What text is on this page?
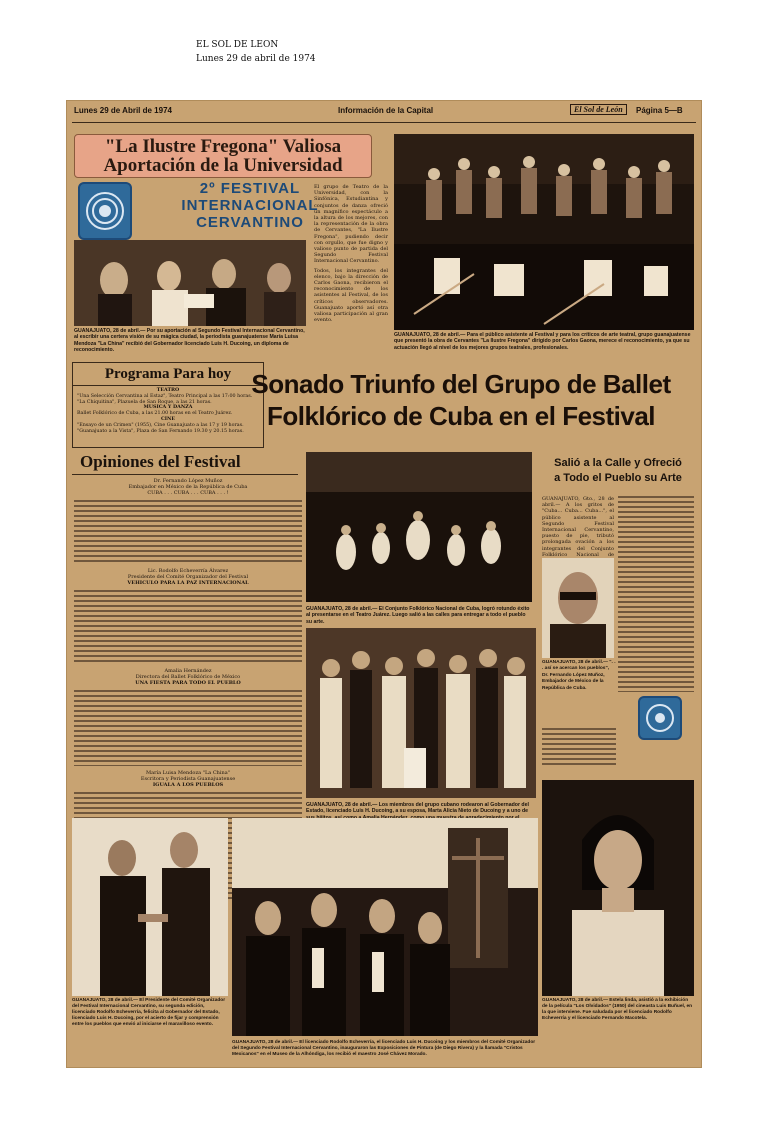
EL SOL DE LEON
Lunes 29 de abril de 1974
Lunes 29 de Abril de 1974	Información de la Capital	El Sol de León	Página 5—B
"La Ilustre Fregona" Valiosa
Aportación de la Universidad
2º FESTIVAL
INTERNACIONAL
CERVANTINO
El grupo de Teatro de la Universidad, con la Sinfónica, Estudiantina y conjuntos de danza ofreció un magnífico espectáculo a la altura de los mejores, con la representación de la obra de Cervantes, "La Ilustre Fregona", pudiendo decir con orgullo, que fue digno y valioso punto de partida del Segundo Festival Internacional Cervantino.
Todos, los integrantes del elenco, bajo la dirección de Carlos Gaona, recibieron el reconocimiento de los asistentes al Festival, de los críticos observadores. Guanajuato aportó así otra valiosa participación al gran evento.
GUANAJUATO, 28 de abril.— Por su aportación al Segundo Festival Internacional Cervantino, al escribir una certera visión de su mágica ciudad, la periodista guanajuatense María Luisa Mendoza "La China" recibió del Gobernador licenciado Luis H. Ducoing, un diploma de reconocimiento.
GUANAJUATO, 28 de abril.— Para el público asistente al Festival y para los críticos de arte teatral, grupo guanajuatense que presentó la obra de Cervantes "La Ilustre Fregona" dirigido por Carlos Gaona, merece el reconocimiento, ya que su actuación llegó al nivel de los mejores grupos teatrales, profesionales.
Programa Para hoy
TEATRO
"Una Selección Cervantina al Estaz", Teatro Principal a las 17:00 horas. "La Chiquitina", Plazuela de San Roque, a las 21 horas.
MUSICA Y DANZA
Ballet Folklórico de Cuba, a las 21.00 horas en el Teatro Juárez.
CINE
"Ensayo de un Crimen" (1955), Cine Guanajuato a las 17 y 19 horas. "Guanajuato a la Vista", Plaza de San Fernando 19.30 y 20.15 horas.
Sonado Triunfo del Grupo de Ballet
Folklórico de Cuba en el Festival
Opiniones del Festival
Dr. Fernando López Muñoz
Embajador en México de la República de Cuba
CUBA . . . CUBA . . . CUBA . . . !
Lic. Rodolfo Echeverría Álvarez
Presidente del Comité Organizador del Festival
VEHICULO PARA LA PAZ INTERNACIONAL
Amalia Hernández
Directora del Ballet Folklórico de México
UNA FIESTA PARA TODO EL PUEBLO
María Luisa Mendoza "La China"
Escritora y Periodista Guanajuatense
IGUALA A LOS PUEBLOS
GUANAJUATO, 28 de abril.— El Conjunto Folklórico Nacional de Cuba, logró rotundo éxito al presentarse en el Teatro Juárez. Luego salió a las calles para entregar a todo el pueblo su arte.
GUANAJUATO, 28 de abril.— Los miembros del grupo cubano rodearon al Gobernador del Estado, licenciado Luis H. Ducoing, a su esposa, Marta Alicia Nieto de Ducoing y a uno de
Salió a la Calle y Ofreció
a Todo el Pueblo su Arte
GUANAJUATO, Gto., 28 de abril.— A los gritos de "Cuba... Cuba... Cuba...", el público asistente al Segundo Festival Internacional Cervantino, puesto de pie, tributó prolongada ovación a los integrantes del Conjunto Folklórico Nacional de
GUANAJUATO, 28 de abril.— ". . . así se acercan los pueblos", Dr. Fernando López Muñoz, Embajador de México de la República de Cuba.
GUANAJUATO, 28 de abril.— El Presidente del Comité Organizador del Festival Internacional Cervantino, su segunda edición, licenciado Rodolfo Echeverría, felicita al Gobernador del Estado, licenciado Luis H. Ducoing, por el acierto de fijar y comprensión entre los pueblos que envió al iniciarse el maravilloso evento.
GUANAJUATO, 28 de abril.— El licenciado Rodolfo Echeverría, el licenciado Luis H. Ducoing y los miembros del Comité Organizador del Segundo Festival Internacional Cervantino, inauguraron las Exposiciones de Pintura (de Diego Rivera) y la llamada "Cristos Mexicanos" en el Museo de la Alhóndiga, los recibió el maestro José Chávez Morado.
GUANAJUATO, 28 de abril.— Estela linda, asistió a la exhibición de la película "Los Olvidados" (1950) del cineasta Luis Buñuel, en la que interviene. Fue saludada por el licenciado Rodolfo Echeverría y el licenciado Fernando Macotela.
